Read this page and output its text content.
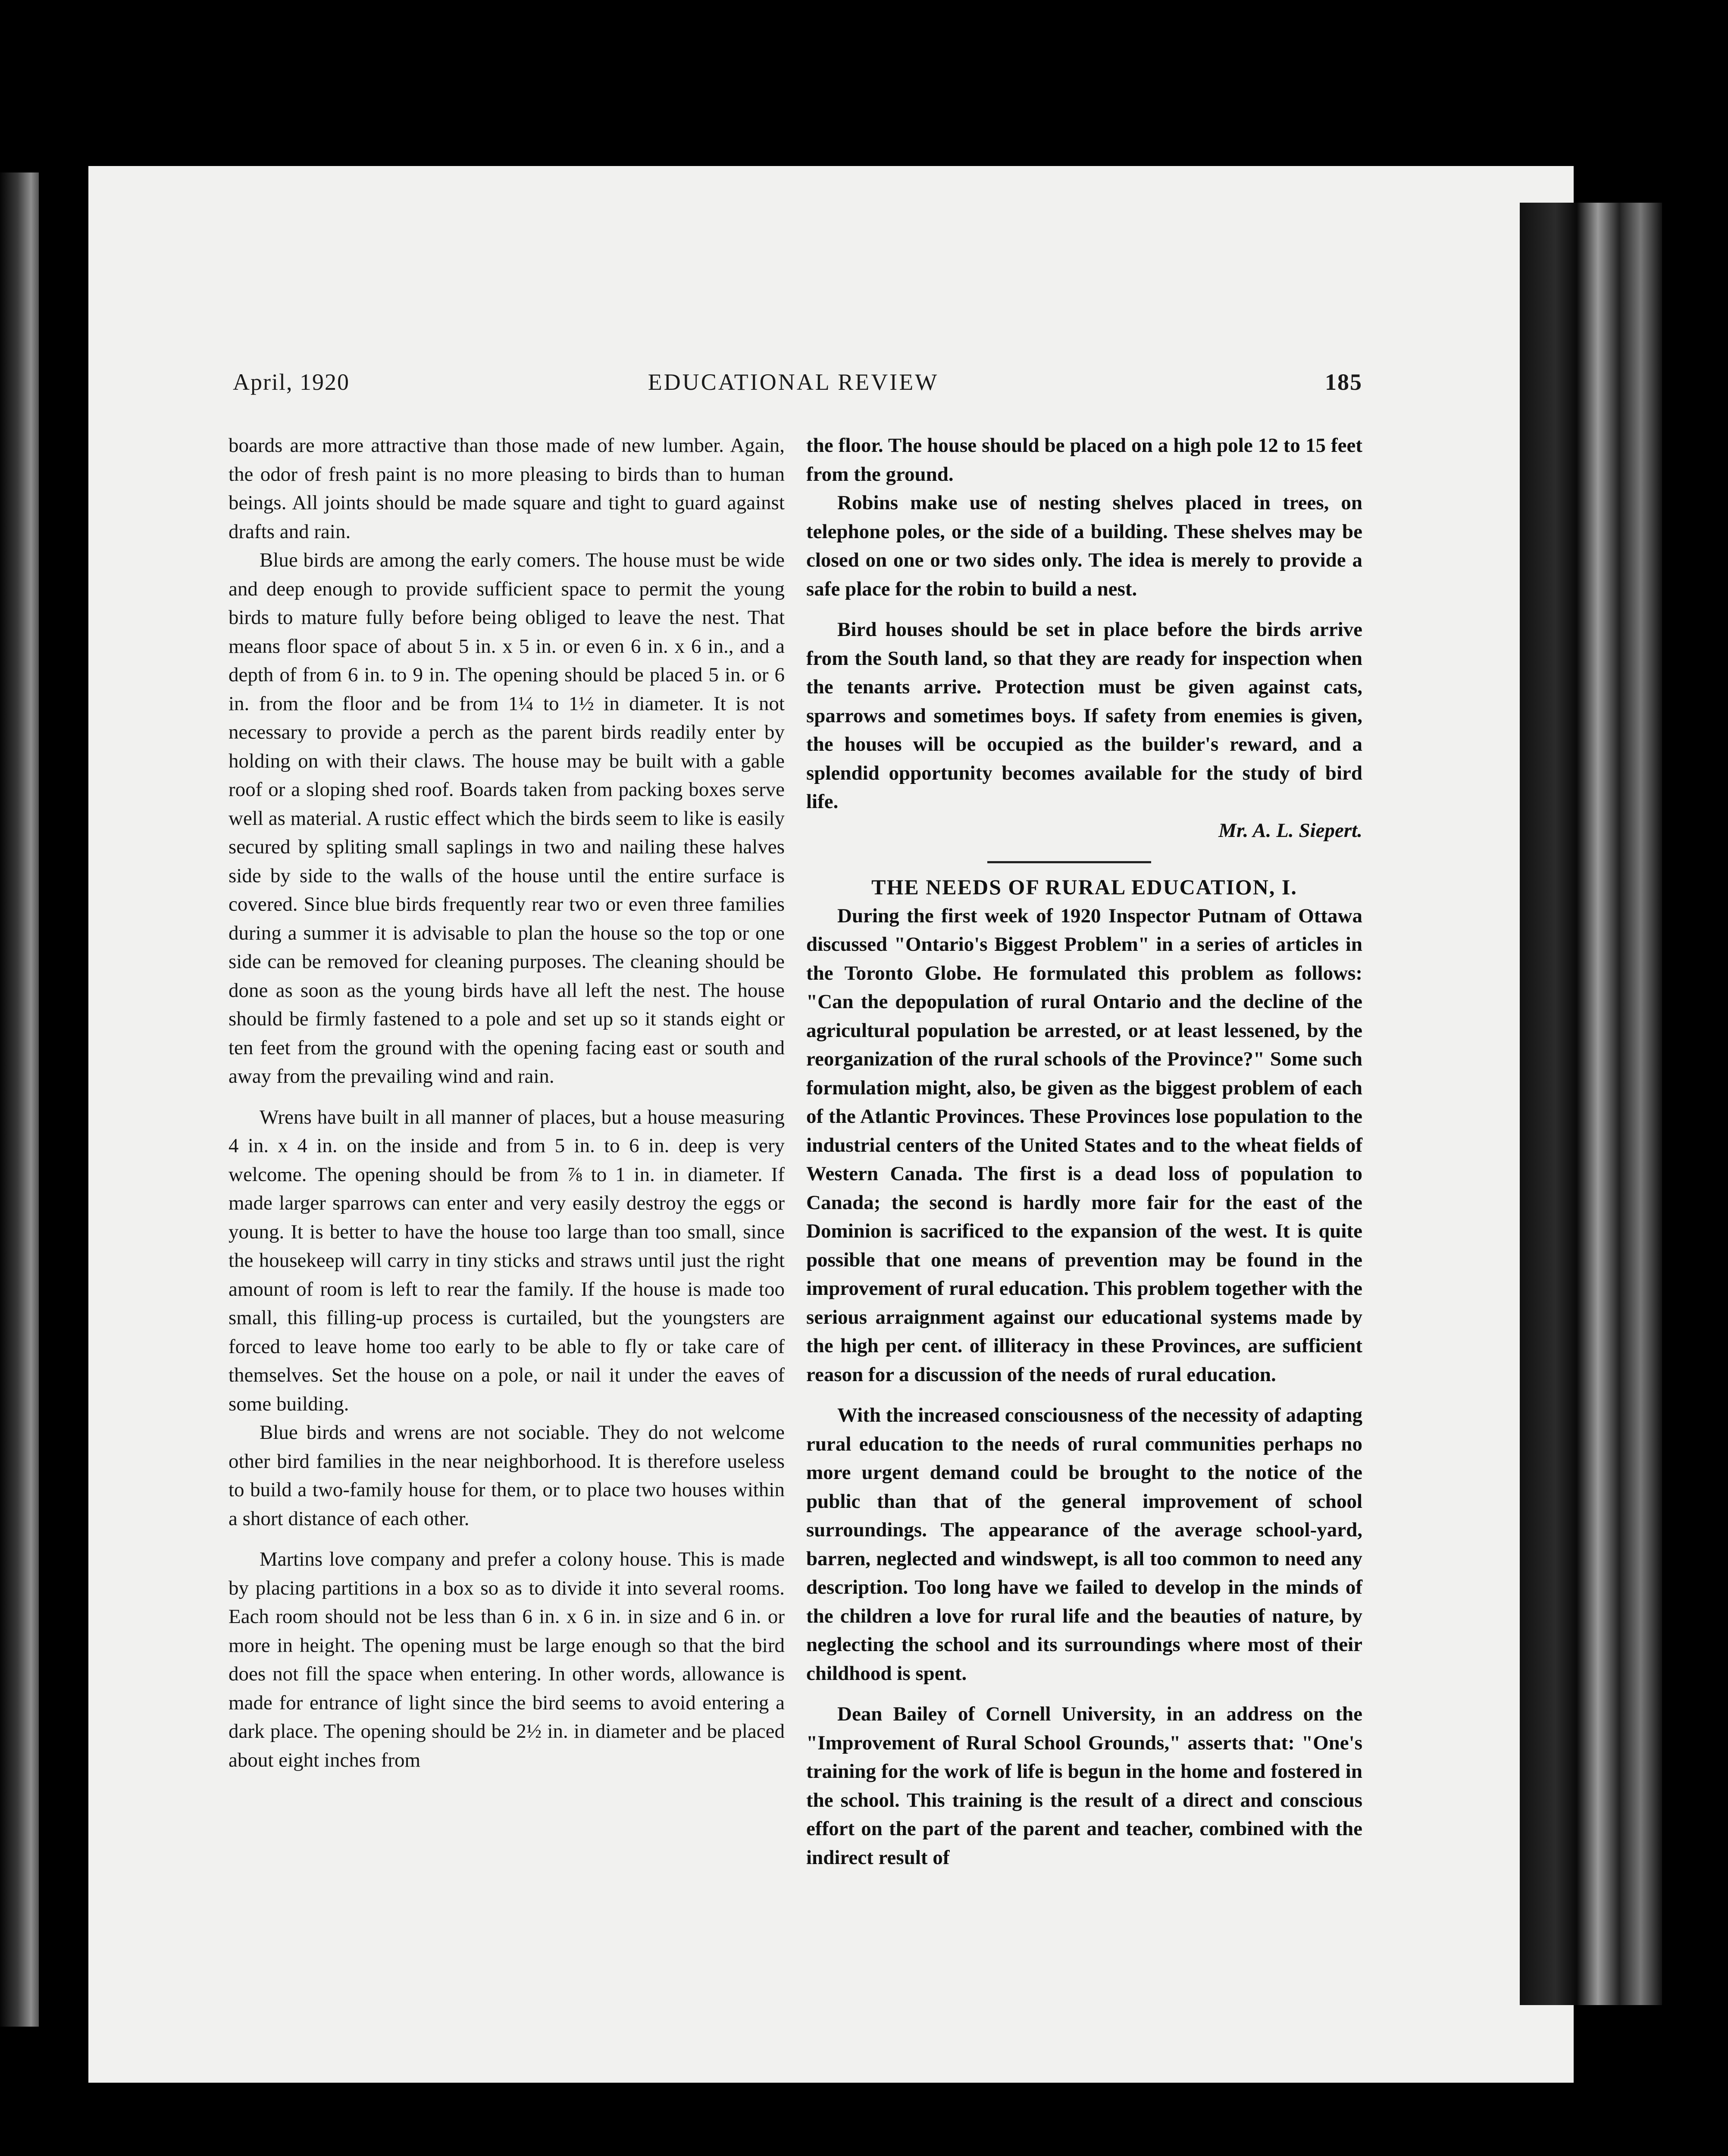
April, 1920	EDUCATIONAL REVIEW	185

boards are more attractive than those made of new lumber. Again, the odor of fresh paint is no more pleasing to birds than to human beings. All joints should be made square and tight to guard against drafts and rain.

Blue birds are among the early comers. The house must be wide and deep enough to provide sufficient space to permit the young birds to mature fully before being obliged to leave the nest. That means floor space of about 5 in. x 5 in. or even 6 in. x 6 in., and a depth of from 6 in. to 9 in. The opening should be placed 5 in. or 6 in. from the floor and be from 1¼ to 1½ in diameter. It is not necessary to provide a perch as the parent birds readily enter by holding on with their claws. The house may be built with a gable roof or a sloping shed roof. Boards taken from packing boxes serve well as material. A rustic effect which the birds seem to like is easily secured by spliting small saplings in two and nailing these halves side by side to the walls of the house until the entire surface is covered. Since blue birds frequently rear two or even three families during a summer it is advisable to plan the house so the top or one side can be removed for cleaning purposes. The cleaning should be done as soon as the young birds have all left the nest. The house should be firmly fastened to a pole and set up so it stands eight or ten feet from the ground with the opening facing east or south and away from the prevailing wind and rain.

Wrens have built in all manner of places, but a house measuring 4 in. x 4 in. on the inside and from 5 in. to 6 in. deep is very welcome. The opening should be from ⅞ to 1 in. in diameter. If made larger sparrows can enter and very easily destroy the eggs or young. It is better to have the house too large than too small, since the housekeep will carry in tiny sticks and straws until just the right amount of room is left to rear the family. If the house is made too small, this filling-up process is curtailed, but the youngsters are forced to leave home too early to be able to fly or take care of themselves. Set the house on a pole, or nail it under the eaves of some building.

Blue birds and wrens are not sociable. They do not welcome other bird families in the near neighborhood. It is therefore useless to build a two-family house for them, or to place two houses within a short distance of each other.

Martins love company and prefer a colony house. This is made by placing partitions in a box so as to divide it into several rooms. Each room should not be less than 6 in. x 6 in. in size and 6 in. or more in height. The opening must be large enough so that the bird does not fill the space when entering. In other words, allowance is made for entrance of light since the bird seems to avoid entering a dark place. The opening should be 2½ in. in diameter and be placed about eight inches from

the floor. The house should be placed on a high pole 12 to 15 feet from the ground.

Robins make use of nesting shelves placed in trees, on telephone poles, or the side of a building. These shelves may be closed on one or two sides only. The idea is merely to provide a safe place for the robin to build a nest.

Bird houses should be set in place before the birds arrive from the South land, so that they are ready for inspection when the tenants arrive. Protection must be given against cats, sparrows and sometimes boys. If safety from enemies is given, the houses will be occupied as the builder's reward, and a splendid opportunity becomes available for the study of bird life.

Mr. A. L. Siepert.

THE NEEDS OF RURAL EDUCATION, I.

During the first week of 1920 Inspector Putnam of Ottawa discussed "Ontario's Biggest Problem" in a series of articles in the Toronto Globe. He formulated this problem as follows: "Can the depopulation of rural Ontario and the decline of the agricultural population be arrested, or at least lessened, by the reorganization of the rural schools of the Province?" Some such formulation might, also, be given as the biggest problem of each of the Atlantic Provinces. These Provinces lose population to the industrial centers of the United States and to the wheat fields of Western Canada. The first is a dead loss of population to Canada; the second is hardly more fair for the east of the Dominion is sacrificed to the expansion of the west. It is quite possible that one means of prevention may be found in the improvement of rural education. This problem together with the serious arraignment against our educational systems made by the high per cent. of illiteracy in these Provinces, are sufficient reason for a discussion of the needs of rural education.

With the increased consciousness of the necessity of adapting rural education to the needs of rural communities perhaps no more urgent demand could be brought to the notice of the public than that of the general improvement of school surroundings. The appearance of the average school-yard, barren, neglected and windswept, is all too common to need any description. Too long have we failed to develop in the minds of the children a love for rural life and the beauties of nature, by neglecting the school and its surroundings where most of their childhood is spent.

Dean Bailey of Cornell University, in an address on the "Improvement of Rural School Grounds," asserts that: "One's training for the work of life is begun in the home and fostered in the school. This training is the result of a direct and conscious effort on the part of the parent and teacher, combined with the indirect result of
